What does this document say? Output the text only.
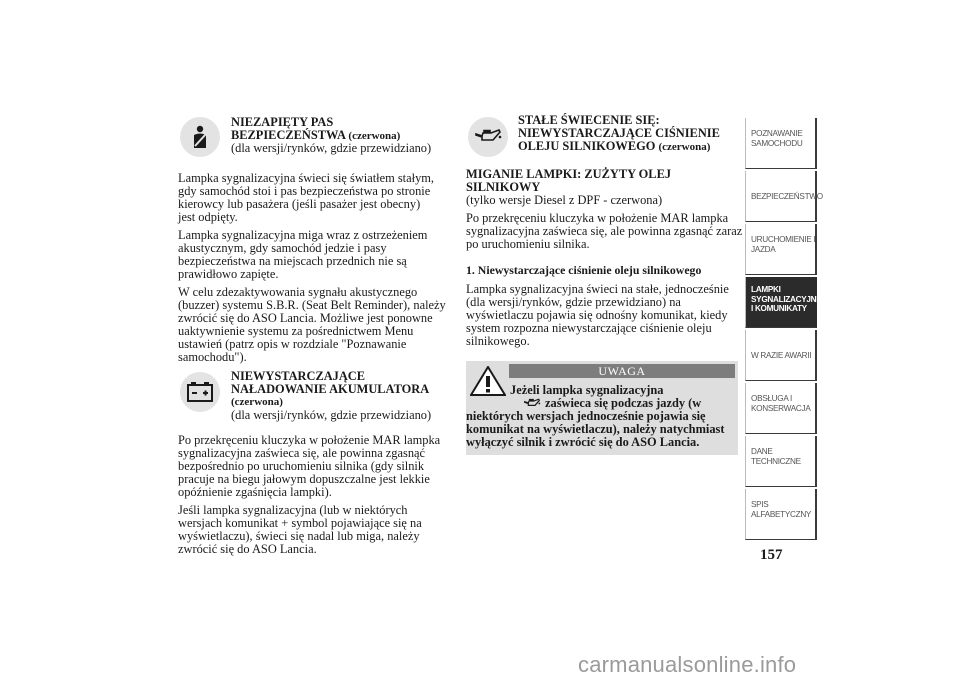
NIEZAPIĘTY PAS

BEZPIECZEŃSTWA (czerwona)

(dla wersji/rynków, gdzie przewidziano)

Lampka sygnalizacyjna świeci się światłem stałym,

gdy samochód stoi i pas bezpieczeństwa po stronie

kierowcy lub pasażera (jeśli pasażer jest obecny)

jest odpięty.

Lampka sygnalizacyjna miga wraz z ostrzeżeniem

akustycznym, gdy samochód jedzie i pasy

bezpieczeństwa na miejscach przednich nie są

prawidłowo zapięte.

W celu zdezaktywowania sygnału akustycznego

(buzzer) systemu S.B.R. (Seat Belt Reminder), należy

zwrócić się do ASO Lancia. Możliwe jest ponowne

uaktywnienie systemu za pośrednictwem Menu

ustawień (patrz opis w rozdziale "Poznawanie

samochodu").

NIEWYSTARCZAJĄCE

NAŁADOWANIE AKUMULATORA

(czerwona)

(dla wersji/rynków, gdzie przewidziano)

Po przekręceniu kluczyka w położenie MAR lampka

sygnalizacyjna zaświeca się, ale powinna zgasnąć

bezpośrednio po uruchomieniu silnika (gdy silnik

pracuje na biegu jałowym dopuszczalne jest lekkie

opóźnienie zgaśnięcia lampki).

Jeśli lampka sygnalizacyjna (lub w niektórych

wersjach komunikat + symbol pojawiające się na

wyświetlaczu), świeci się nadal lub miga, należy

zwrócić się do ASO Lancia.

STAŁE ŚWIECENIE SIĘ:

NIEWYSTARCZAJĄCE CIŚNIENIE

OLEJU SILNIKOWEGO (czerwona)

MIGANIE LAMPKI: ZUŻYTY OLEJ

SILNIKOWY

(tylko wersje Diesel z DPF - czerwona)

Po przekręceniu kluczyka w położenie MAR lampka

sygnalizacyjna zaświeca się, ale powinna zgasnąć zaraz

po uruchomieniu silnika.

1. Niewystarczające ciśnienie oleju silnikowego

Lampka sygnalizacyjna świeci na stałe, jednocześnie

(dla wersji/rynków, gdzie przewidziano) na

wyświetlaczu pojawia się odnośny komunikat, kiedy

system rozpozna niewystarczające ciśnienie oleju

silnikowego.

UWAGA

Jeżeli lampka sygnalizacyjna

zaświeca się podczas jazdy (w

niektórych wersjach jednocześnie pojawia się

komunikat na wyświetlaczu), należy natychmiast

wyłączyć silnik i zwrócić się do ASO Lancia.

POZNAWANIE
SAMOCHODU
BEZPIECZEŃSTWO
URUCHOMIENIE I
JAZDA
LAMPKI
SYGNALIZACYJNE
I KOMUNIKATY
W RAZIE AWARII
OBSŁUGA I
KONSERWACJA
DANE
TECHNICZNE
SPIS
ALFABETYCZNY
157
carmanualsonline.info
